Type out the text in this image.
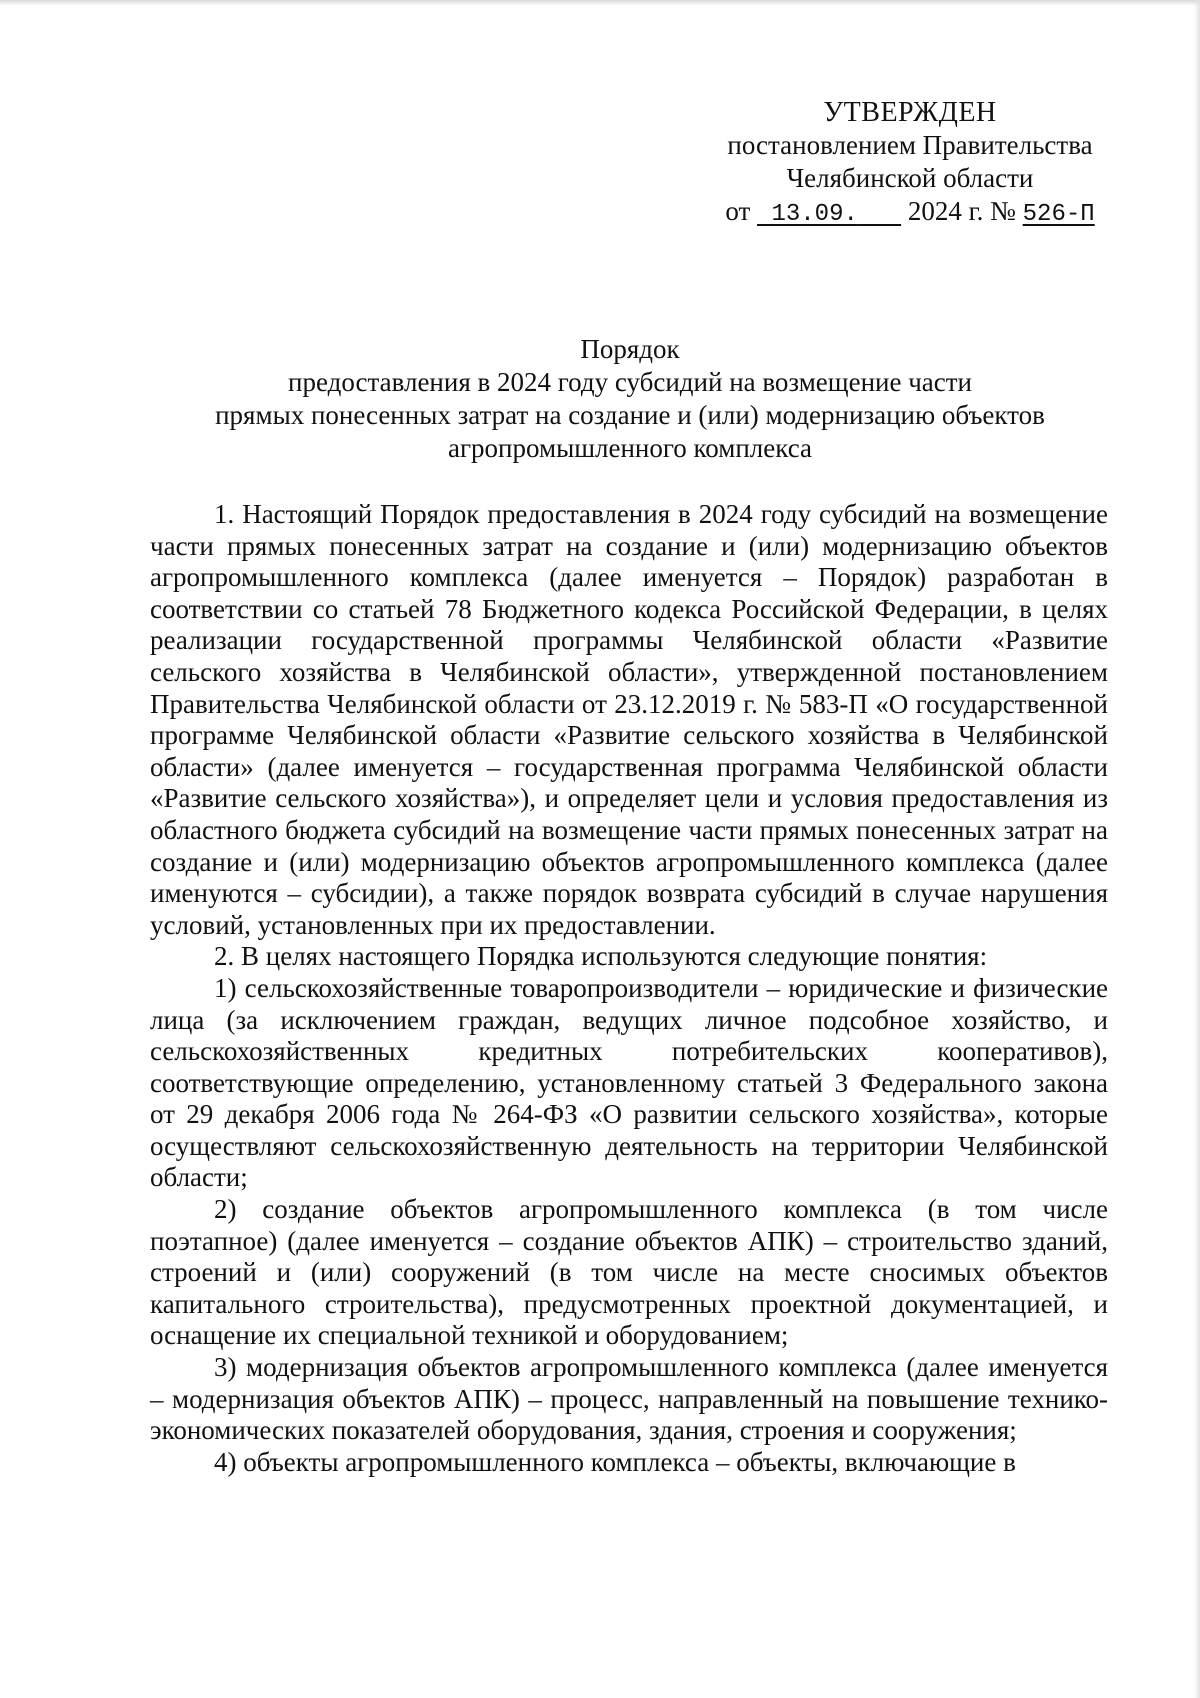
УТВЕРЖДЕН
постановлением Правительства
Челябинской области
от 13.09. 2024 г. № 526-П
Порядок
предоставления в 2024 году субсидий на возмещение части
прямых понесенных затрат на создание и (или) модернизацию объектов
агропромышленного комплекса

1. Настоящий Порядок предоставления в 2024 году субсидий на возмещение части прямых понесенных затрат на создание и (или) модернизацию объектов агропромышленного комплекса (далее именуется – Порядок) разработан в соответствии со статьей 78 Бюджетного кодекса Российской Федерации, в целях реализации государственной программы Челябинской области «Развитие сельского хозяйства в Челябинской области», утвержденной постановлением Правительства Челябинской области от 23.12.2019 г. № 583-П «О государственной программе Челябинской области «Развитие сельского хозяйства в Челябинской области» (далее именуется – государственная программа Челябинской области «Развитие сельского хозяйства»), и определяет цели и условия предоставления из областного бюджета субсидий на возмещение части прямых понесенных затрат на создание и (или) модернизацию объектов агропромышленного комплекса (далее именуются – субсидии), а также порядок возврата субсидий в случае нарушения условий, установленных при их предоставлении.

2. В целях настоящего Порядка используются следующие понятия:

1) сельскохозяйственные товаропроизводители – юридические и физические лица (за исключением граждан, ведущих личное подсобное хозяйство, и сельскохозяйственных кредитных потребительских кооперативов), соответствующие определению, установленному статьей 3 Федерального закона от 29 декабря 2006 года № 264-ФЗ «О развитии сельского хозяйства», которые осуществляют сельскохозяйственную деятельность на территории Челябинской области;

2) создание объектов агропромышленного комплекса (в том числе поэтапное) (далее именуется – создание объектов АПК) – строительство зданий, строений и (или) сооружений (в том числе на месте сносимых объектов капитального строительства), предусмотренных проектной документацией, и оснащение их специальной техникой и оборудованием;

3) модернизация объектов агропромышленного комплекса (далее именуется – модернизация объектов АПК) – процесс, направленный на повышение технико-экономических показателей оборудования, здания, строения и сооружения;

4) объекты агропромышленного комплекса – объекты, включающие в
